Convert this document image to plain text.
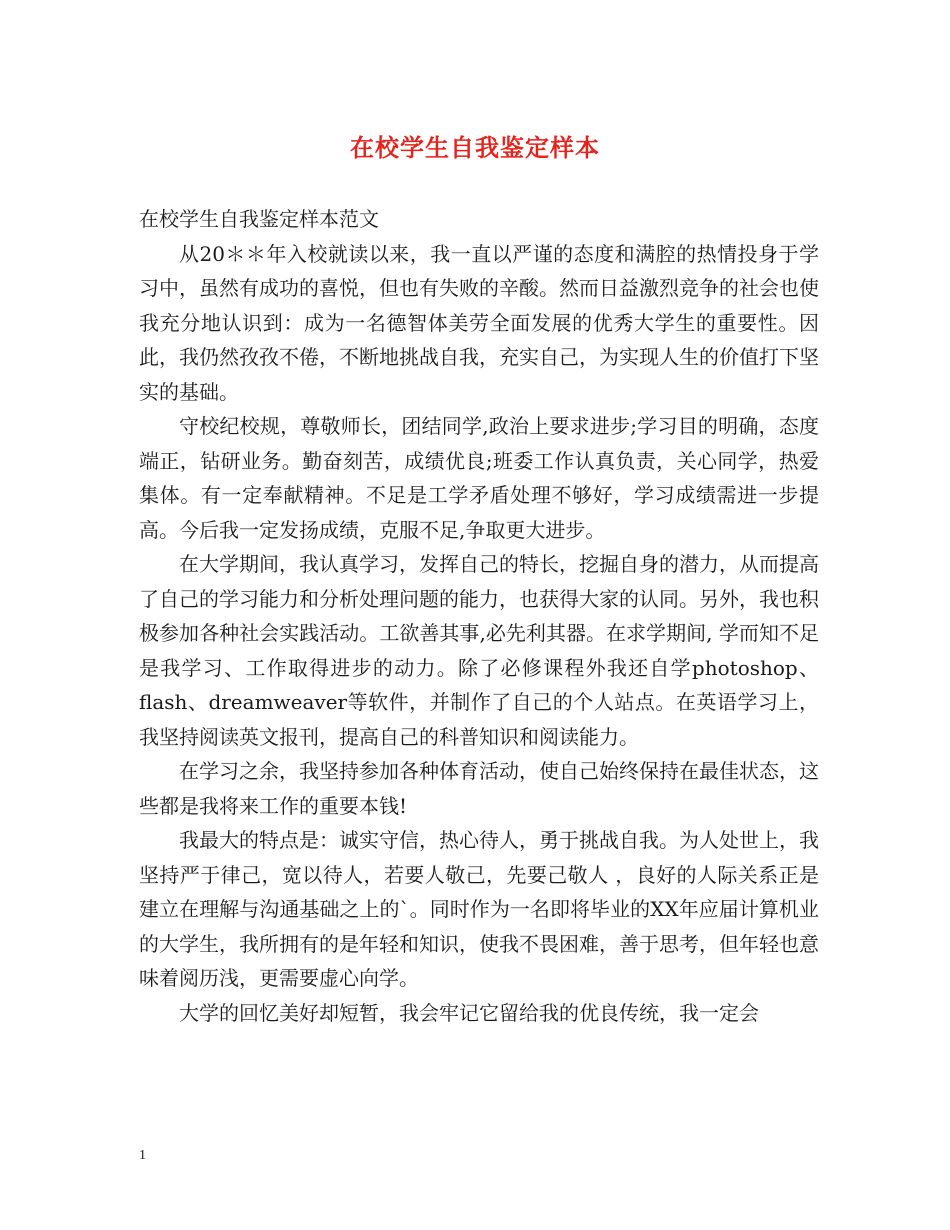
在校学生自我鉴定样本

在校学生自我鉴定样本范文

从20＊＊年入校就读以来，我一直以严谨的态度和满腔的热情投身于学习中，虽然有成功的喜悦，但也有失败的辛酸。然而日益激烈竞争的社会也使我充分地认识到：成为一名德智体美劳全面发展的优秀大学生的重要性。因此，我仍然孜孜不倦，不断地挑战自我，充实自己，为实现人生的价值打下坚实的基础。

守校纪校规，尊敬师长，团结同学,政治上要求进步;学习目的明确，态度端正，钻研业务。勤奋刻苦，成绩优良;班委工作认真负责，关心同学，热爱集体。有一定奉献精神。不足是工学矛盾处理不够好，学习成绩需进一步提高。今后我一定发扬成绩，克服不足,争取更大进步。

在大学期间，我认真学习，发挥自己的特长，挖掘自身的潜力，从而提高了自己的学习能力和分析处理问题的能力，也获得大家的认同。另外，我也积极参加各种社会实践活动。工欲善其事,必先利其器。在求学期间, 学而知不足是我学习、工作取得进步的动力。除了必修课程外我还自学photoshop、flash、dreamweaver等软件，并制作了自己的个人站点。在英语学习上，我坚持阅读英文报刊，提高自己的科普知识和阅读能力。

在学习之余，我坚持参加各种体育活动，使自己始终保持在最佳状态，这些都是我将来工作的重要本钱!

我最大的特点是：诚实守信，热心待人，勇于挑战自我。为人处世上，我坚持严于律己，宽以待人，若要人敬己，先要己敬人 ，良好的人际关系正是建立在理解与沟通基础之上的`。同时作为一名即将毕业的XX年应届计算机业的大学生，我所拥有的是年轻和知识，使我不畏困难，善于思考，但年轻也意味着阅历浅，更需要虚心向学。

大学的回忆美好却短暂，我会牢记它留给我的优良传统，我一定会

1
